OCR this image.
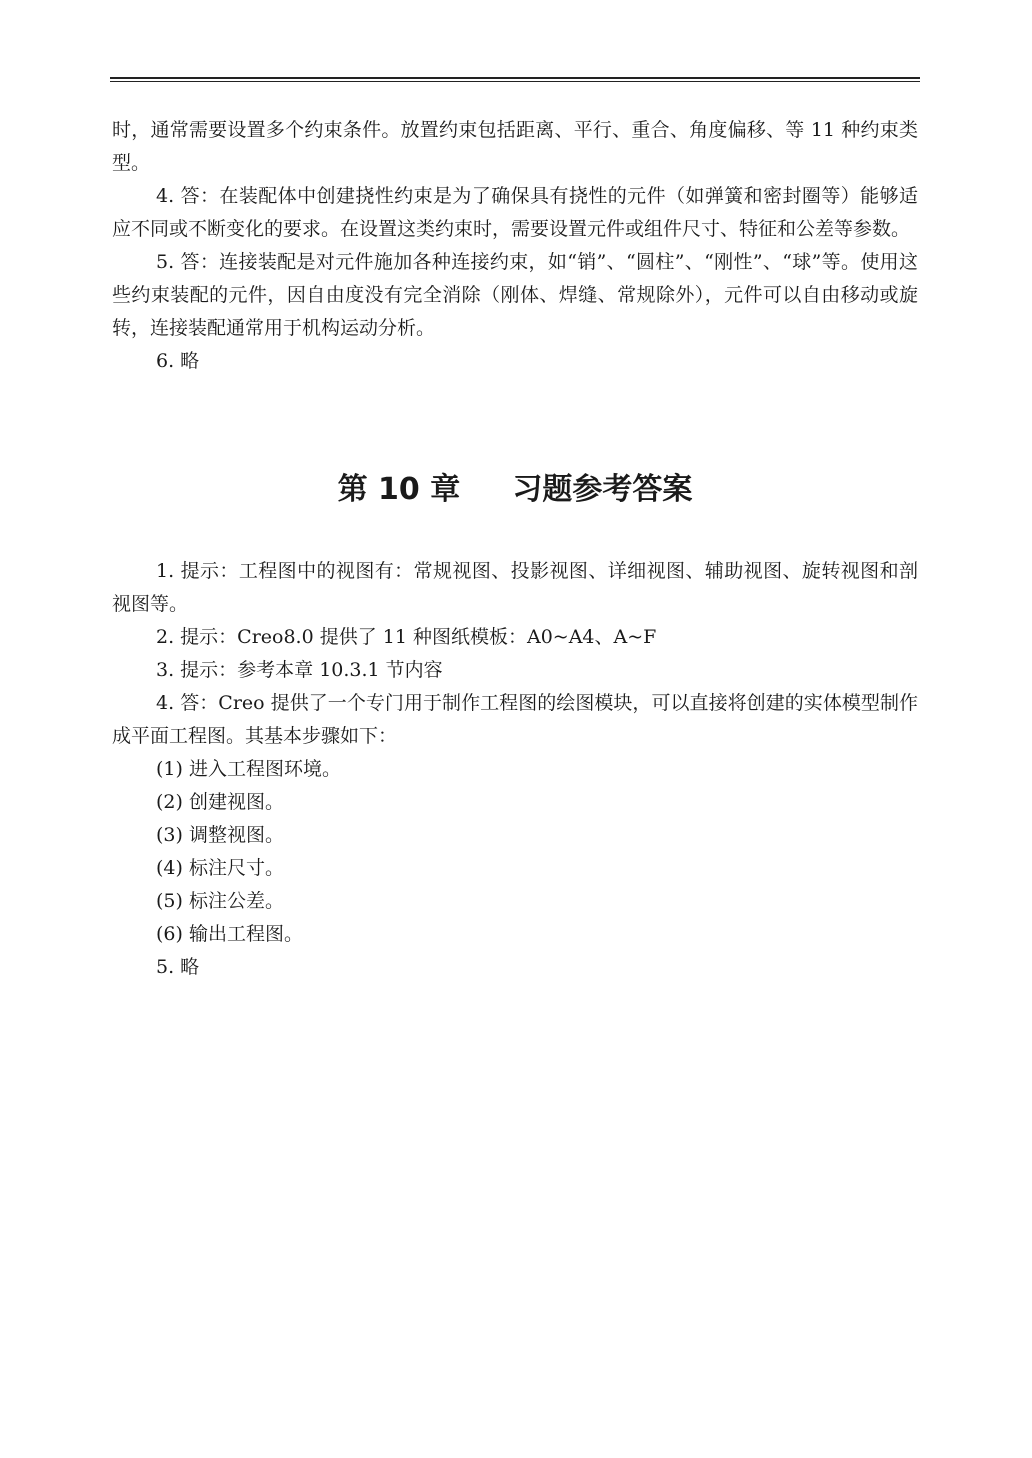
时，通常需要设置多个约束条件。放置约束包括距离、平行、重合、角度偏移、等 11 种约束类型。

4. 答：在装配体中创建挠性约束是为了确保具有挠性的元件（如弹簧和密封圈等）能够适应不同或不断变化的要求。在设置这类约束时，需要设置元件或组件尺寸、特征和公差等参数。

5. 答：连接装配是对元件施加各种连接约束，如“销”、“圆柱”、“刚性”、“球”等。使用这些约束装配的元件，因自由度没有完全消除（刚体、焊缝、常规除外），元件可以自由移动或旋转，连接装配通常用于机构运动分析。

6. 略

第 10 章     习题参考答案

1. 提示：工程图中的视图有：常规视图、投影视图、详细视图、辅助视图、旋转视图和剖视图等。

2. 提示：Creo8.0 提供了 11 种图纸模板：A0~A4、A~F

3. 提示：参考本章 10.3.1 节内容

4. 答：Creo 提供了一个专门用于制作工程图的绘图模块，可以直接将创建的实体模型制作成平面工程图。其基本步骤如下：

(1) 进入工程图环境。

(2) 创建视图。

(3) 调整视图。

(4) 标注尺寸。

(5) 标注公差。

(6) 输出工程图。

5. 略
